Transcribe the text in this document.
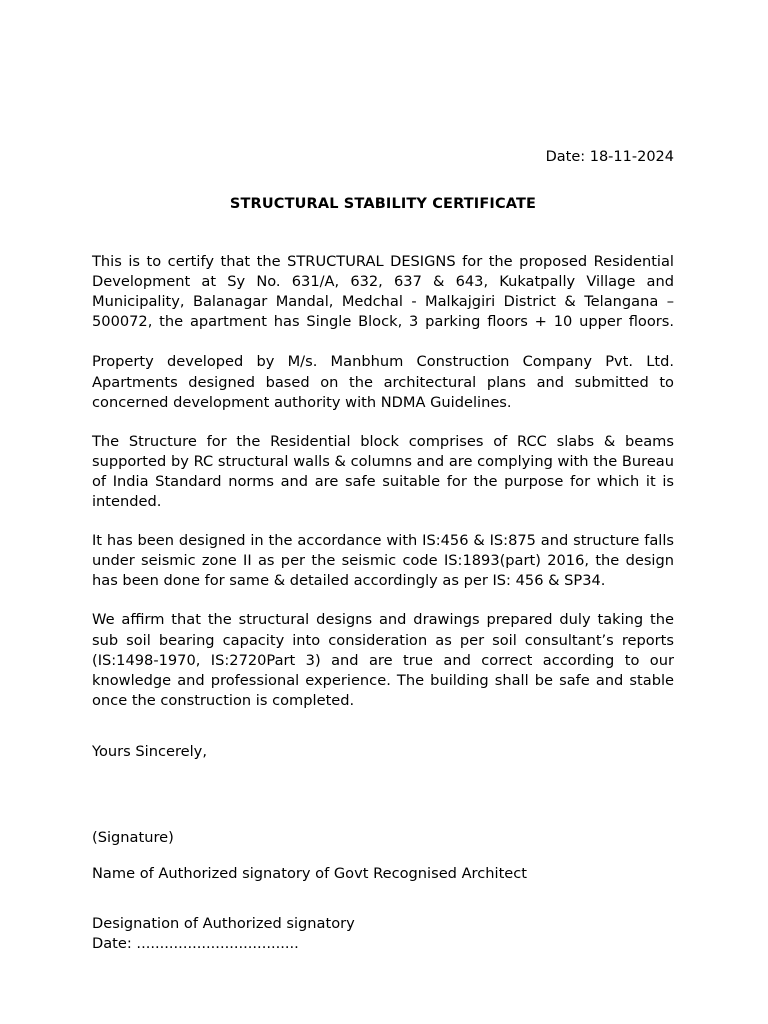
Date: 18-11-2024
STRUCTURAL STABILITY CERTIFICATE
This is to certify that the STRUCTURAL DESIGNS for the proposed Residential Development at Sy No. 631/A, 632, 637 & 643, Kukatpally Village and Municipality, Balanagar Mandal, Medchal - Malkajgiri District & Telangana – 500072, the apartment has Single Block, 3 parking floors + 10 upper floors.
Property developed by M/s. Manbhum Construction Company Pvt. Ltd. Apartments designed based on the architectural plans and submitted to concerned development authority with NDMA Guidelines.
The Structure for the Residential block comprises of RCC slabs & beams supported by RC structural walls & columns and are complying with the Bureau of India Standard norms and are safe suitable for the purpose for which it is intended.
It has been designed in the accordance with IS:456 & IS:875 and structure falls under seismic zone II as per the seismic code IS:1893(part) 2016, the design has been done for same & detailed accordingly as per IS: 456 & SP34.
We affirm that the structural designs and drawings prepared duly taking the sub soil bearing capacity into consideration as per soil consultant’s reports (IS:1498-1970, IS:2720Part 3) and are true and correct according to our knowledge and professional experience. The building shall be safe and stable once the construction is completed.
Yours Sincerely,
(Signature)
Name of Authorized signatory of Govt Recognised Architect
Designation of Authorized signatory
Date: ...................................
